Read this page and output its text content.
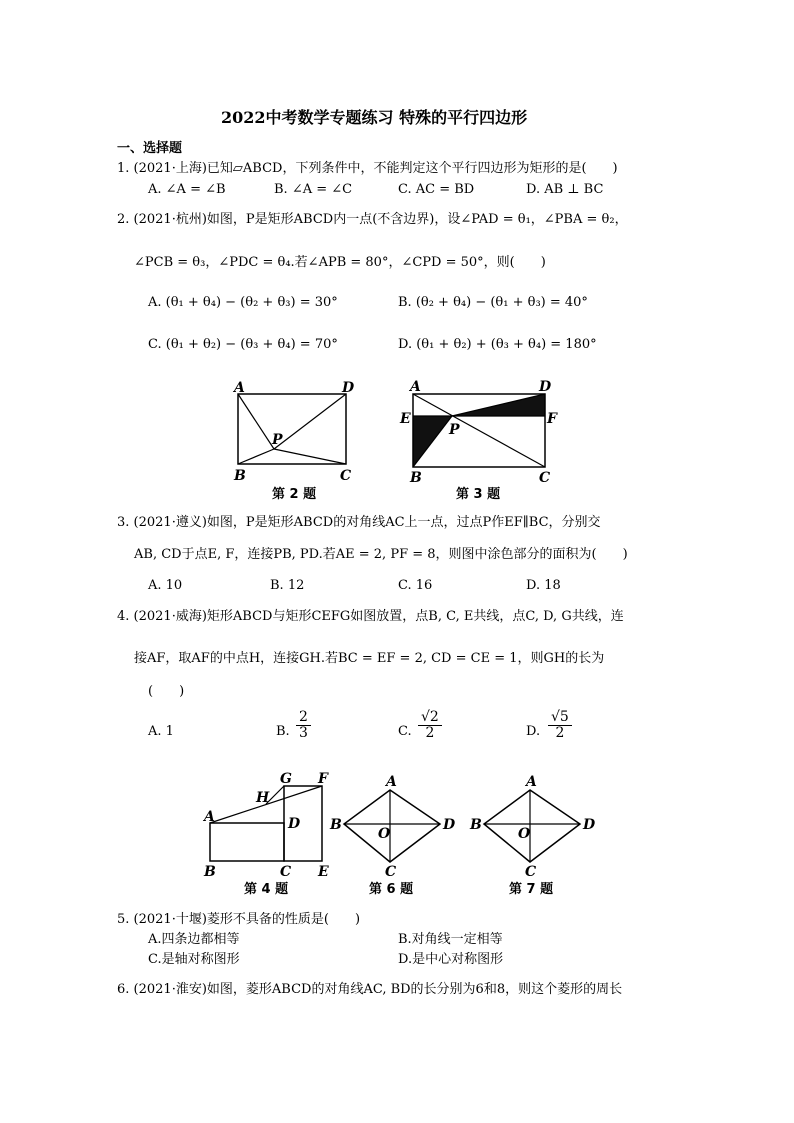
2022中考数学专题练习 特殊的平行四边形
一、选择题
1. (2021·上海)已知▱ABCD，下列条件中，不能判定这个平行四边形为矩形的是(　　)
A. ∠A = ∠B	B. ∠A = ∠C	C. AC = BD	D. AB ⊥ BC
2. (2021·杭州)如图，P是矩形ABCD内一点(不含边界)，设∠PAD = θ₁，∠PBA = θ₂，
∠PCB = θ₃，∠PDC = θ₄.若∠APB = 80°，∠CPD = 50°，则(　　)
A. (θ₁ + θ₄) − (θ₂ + θ₃) = 30°	B. (θ₂ + θ₄) − (θ₁ + θ₃) = 40°
C. (θ₁ + θ₂) − (θ₃ + θ₄) = 70°	D. (θ₁ + θ₂) + (θ₃ + θ₄) = 180°
A	D
P
B	C
第 2 题
A	D
E	F
P
B	C
第 3 题
3. (2021·遵义)如图，P是矩形ABCD的对角线AC上一点，过点P作EF∥BC，分别交
AB, CD于点E, F，连接PB, PD.若AE = 2, PF = 8，则图中涂色部分的面积为(　　)
A. 10	B. 12	C. 16	D. 18
4. (2021·威海)矩形ABCD与矩形CEFG如图放置，点B, C, E共线，点C, D, G共线，连
接AF，取AF的中点H，连接GH.若BC = EF = 2, CD = CE = 1，则GH的长为
(　　)
A. 1	B. $\frac{2}{3}$	C. $\frac{√2}{2}$	D. $\frac{√5}{2}$
G F
H
A	D
B	C E
第 4 题
A
B
O
D
C
第 6 题
A
B
O
D
C
第 7 题
5. (2021·十堰)菱形不具备的性质是(　　)
A.四条边都相等	B.对角线一定相等
C.是轴对称图形	D.是中心对称图形
6. (2021·淮安)如图，菱形ABCD的对角线AC, BD的长分别为6和8，则这个菱形的周长
